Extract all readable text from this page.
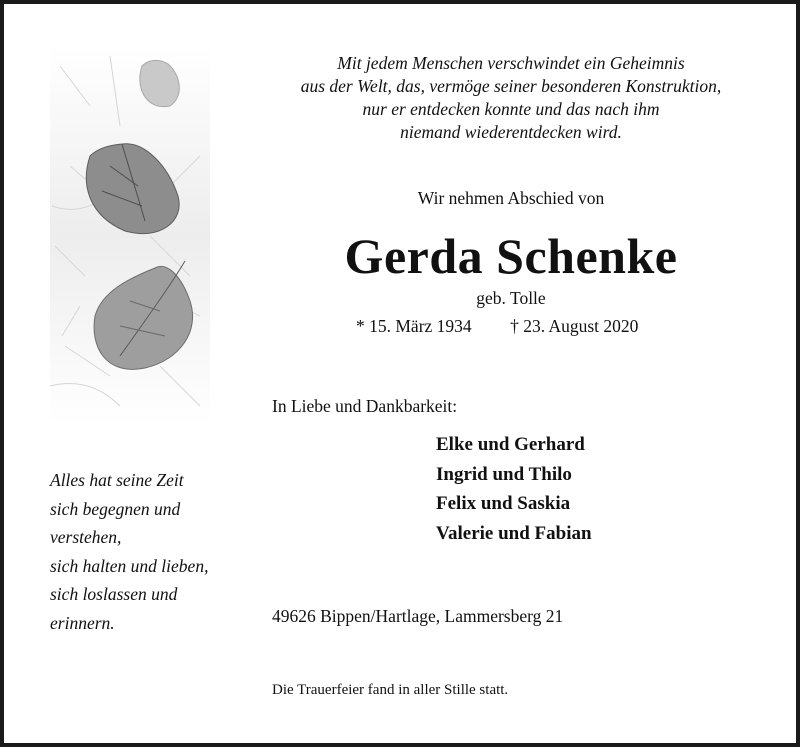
Mit jedem Menschen verschwindet ein Geheimnis
aus der Welt, das, vermöge seiner besonderen Konstruktion,
nur er entdecken konnte und das nach ihm
niemand wiederentdecken wird.
Wir nehmen Abschied von
Gerda Schenke
geb. Tolle
* 15. März 1934 † 23. August 2020
In Liebe und Dankbarkeit:
Elke und Gerhard
Ingrid und Thilo
Felix und Saskia
Valerie und Fabian
Alles hat seine Zeit
sich begegnen und
verstehen,
sich halten und lieben,
sich loslassen und
erinnern.	49626 Bippen/Hartlage, Lammersberg 21
Die Trauerfeier fand in aller Stille statt.
